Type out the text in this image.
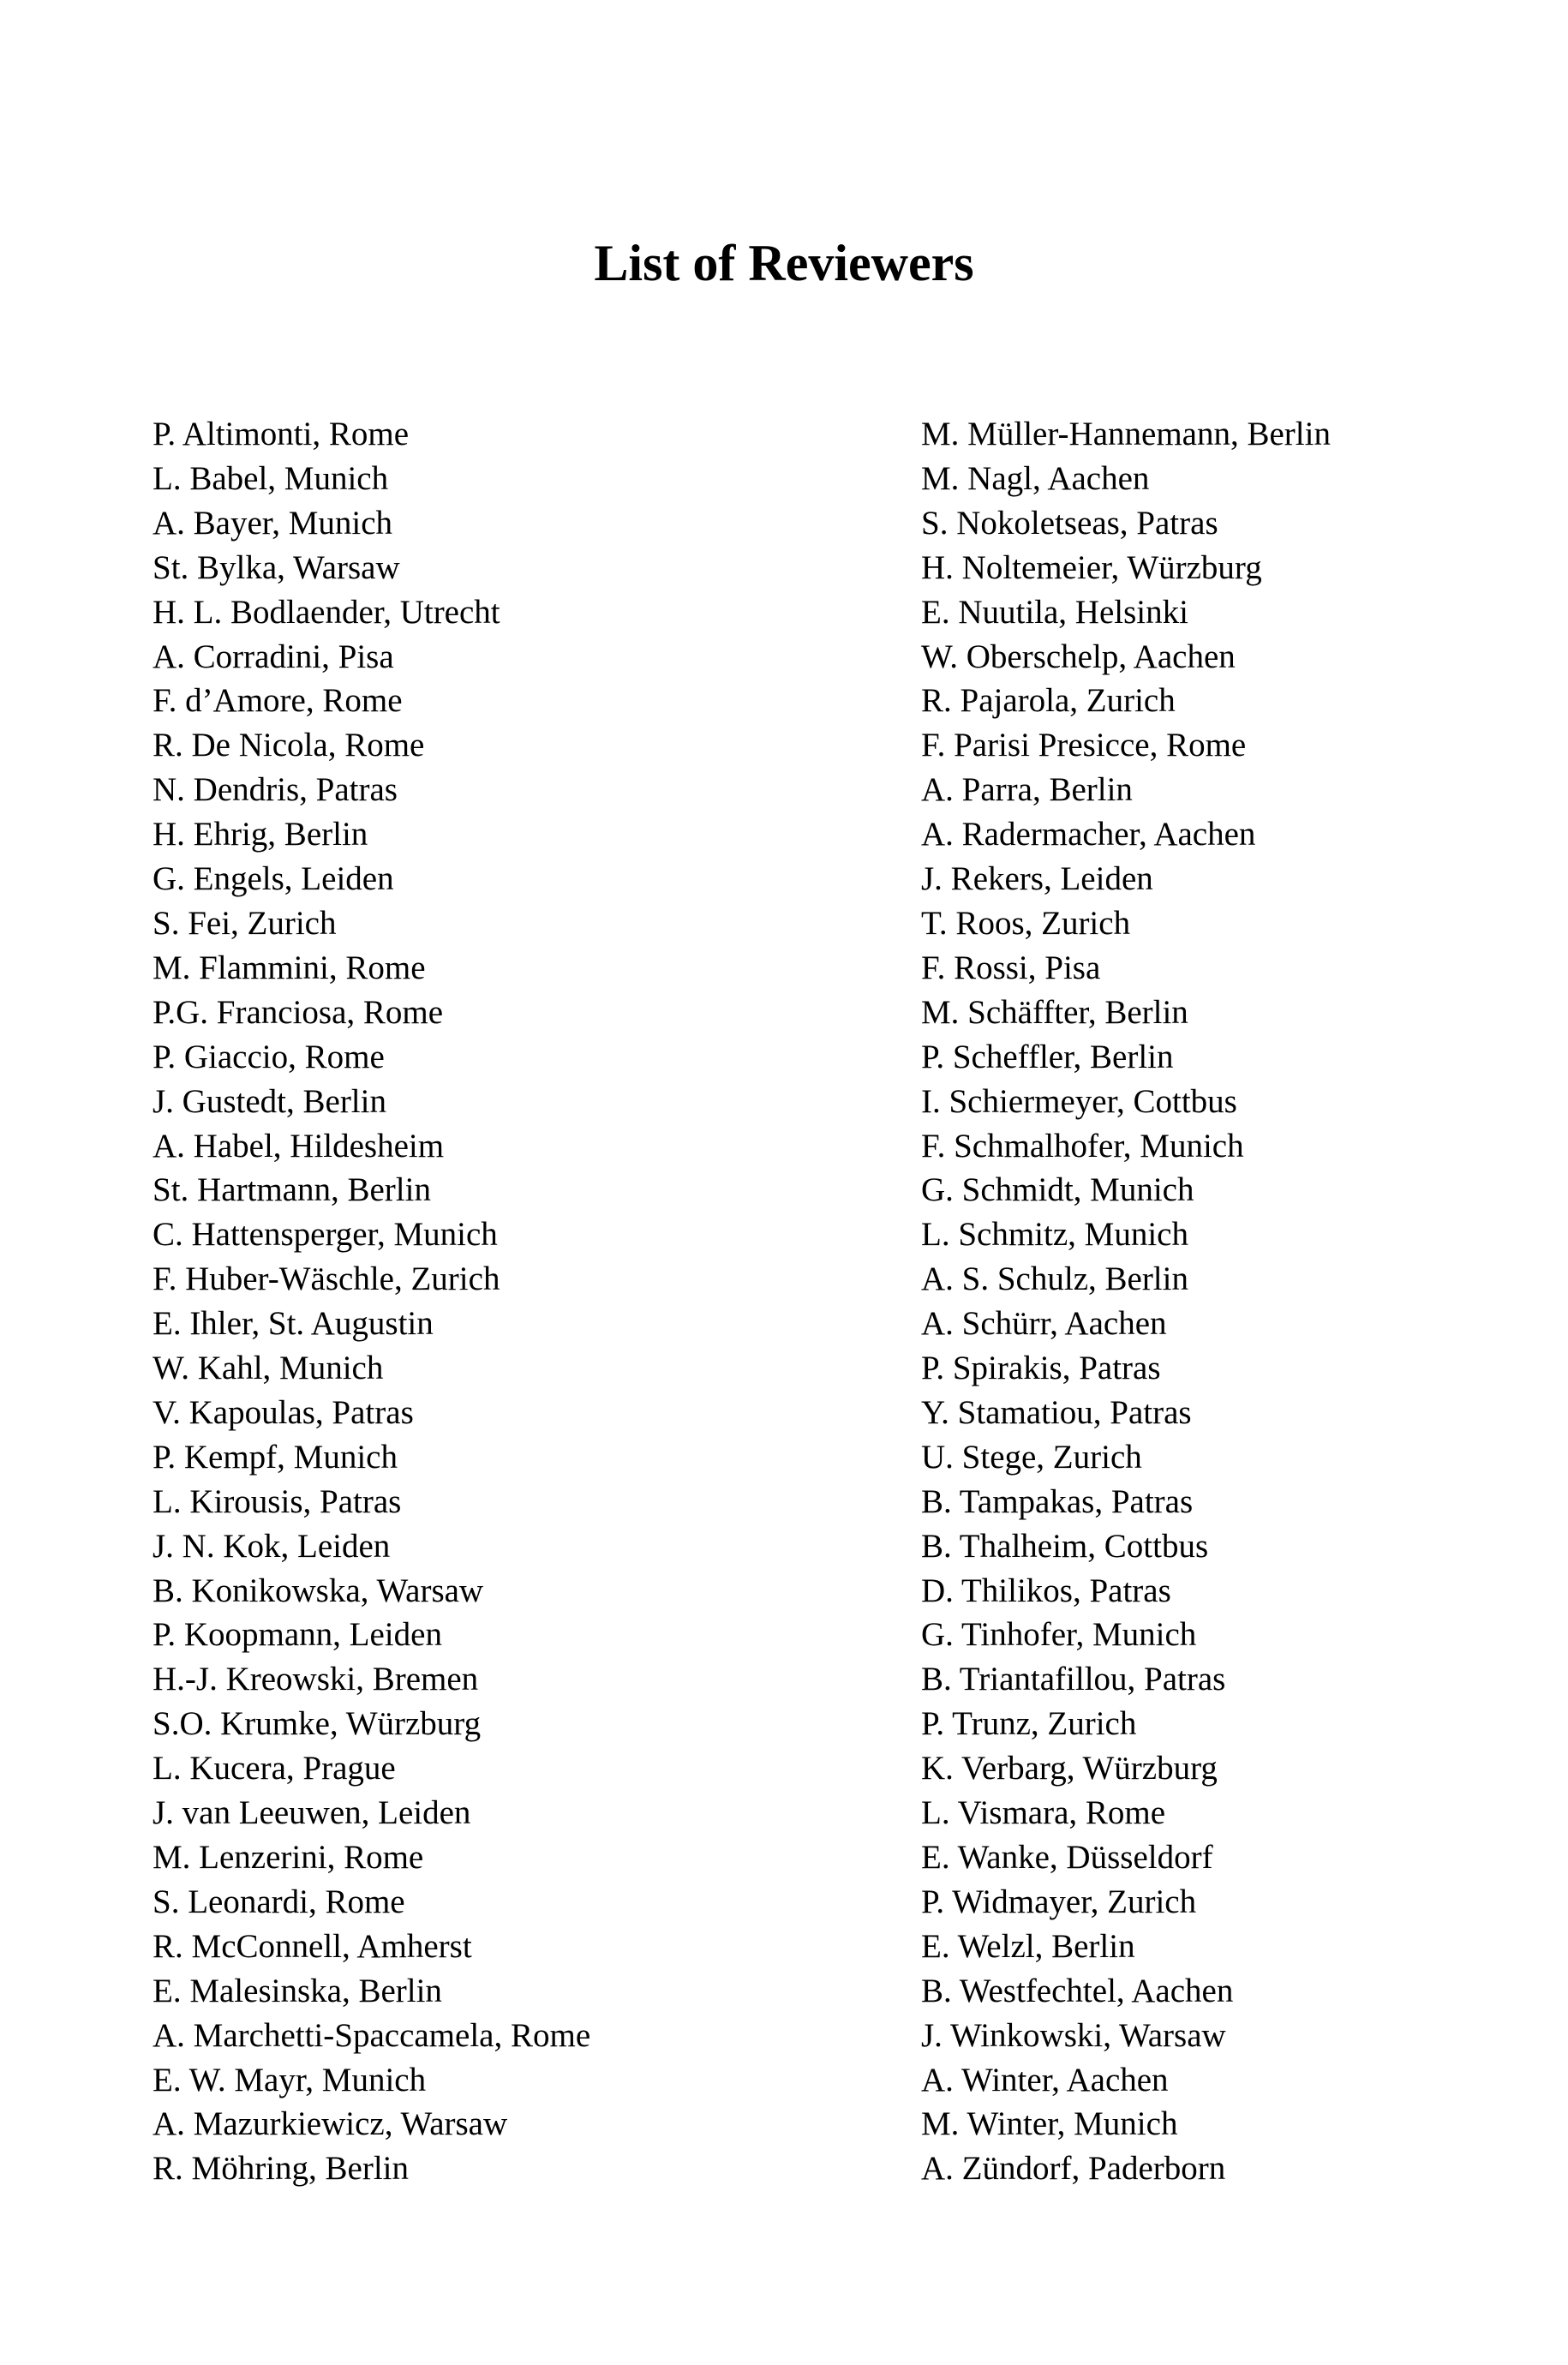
List of Reviewers
P. Altimonti, Rome
L. Babel, Munich
A. Bayer, Munich
St. Bylka, Warsaw
H. L. Bodlaender, Utrecht
A. Corradini, Pisa
F. d’Amore, Rome
R. De Nicola, Rome
N. Dendris, Patras
H. Ehrig, Berlin
G. Engels, Leiden
S. Fei, Zurich
M. Flammini, Rome
P.G. Franciosa, Rome
P. Giaccio, Rome
J. Gustedt, Berlin
A. Habel, Hildesheim
St. Hartmann, Berlin
C. Hattensperger, Munich
F. Huber-Wäschle, Zurich
E. Ihler, St. Augustin
W. Kahl, Munich
V. Kapoulas, Patras
P. Kempf, Munich
L. Kirousis, Patras
J. N. Kok, Leiden
B. Konikowska, Warsaw
P. Koopmann, Leiden
H.-J. Kreowski, Bremen
S.O. Krumke, Würzburg
L. Kucera, Prague
J. van Leeuwen, Leiden
M. Lenzerini, Rome
S. Leonardi, Rome
R. McConnell, Amherst
E. Malesinska, Berlin
A. Marchetti-Spaccamela, Rome
E. W. Mayr, Munich
A. Mazurkiewicz, Warsaw
R. Möhring, Berlin
M. Müller-Hannemann, Berlin
M. Nagl, Aachen
S. Nokoletseas, Patras
H. Noltemeier, Würzburg
E. Nuutila, Helsinki
W. Oberschelp, Aachen
R. Pajarola, Zurich
F. Parisi Presicce, Rome
A. Parra, Berlin
A. Radermacher, Aachen
J. Rekers, Leiden
T. Roos, Zurich
F. Rossi, Pisa
M. Schäffter, Berlin
P. Scheffler, Berlin
I. Schiermeyer, Cottbus
F. Schmalhofer, Munich
G. Schmidt, Munich
L. Schmitz, Munich
A. S. Schulz, Berlin
A. Schürr, Aachen
P. Spirakis, Patras
Y. Stamatiou, Patras
U. Stege, Zurich
B. Tampakas, Patras
B. Thalheim, Cottbus
D. Thilikos, Patras
G. Tinhofer, Munich
B. Triantafillou, Patras
P. Trunz, Zurich
K. Verbarg, Würzburg
L. Vismara, Rome
E. Wanke, Düsseldorf
P. Widmayer, Zurich
E. Welzl, Berlin
B. Westfechtel, Aachen
J. Winkowski, Warsaw
A. Winter, Aachen
M. Winter, Munich
A. Zündorf, Paderborn
